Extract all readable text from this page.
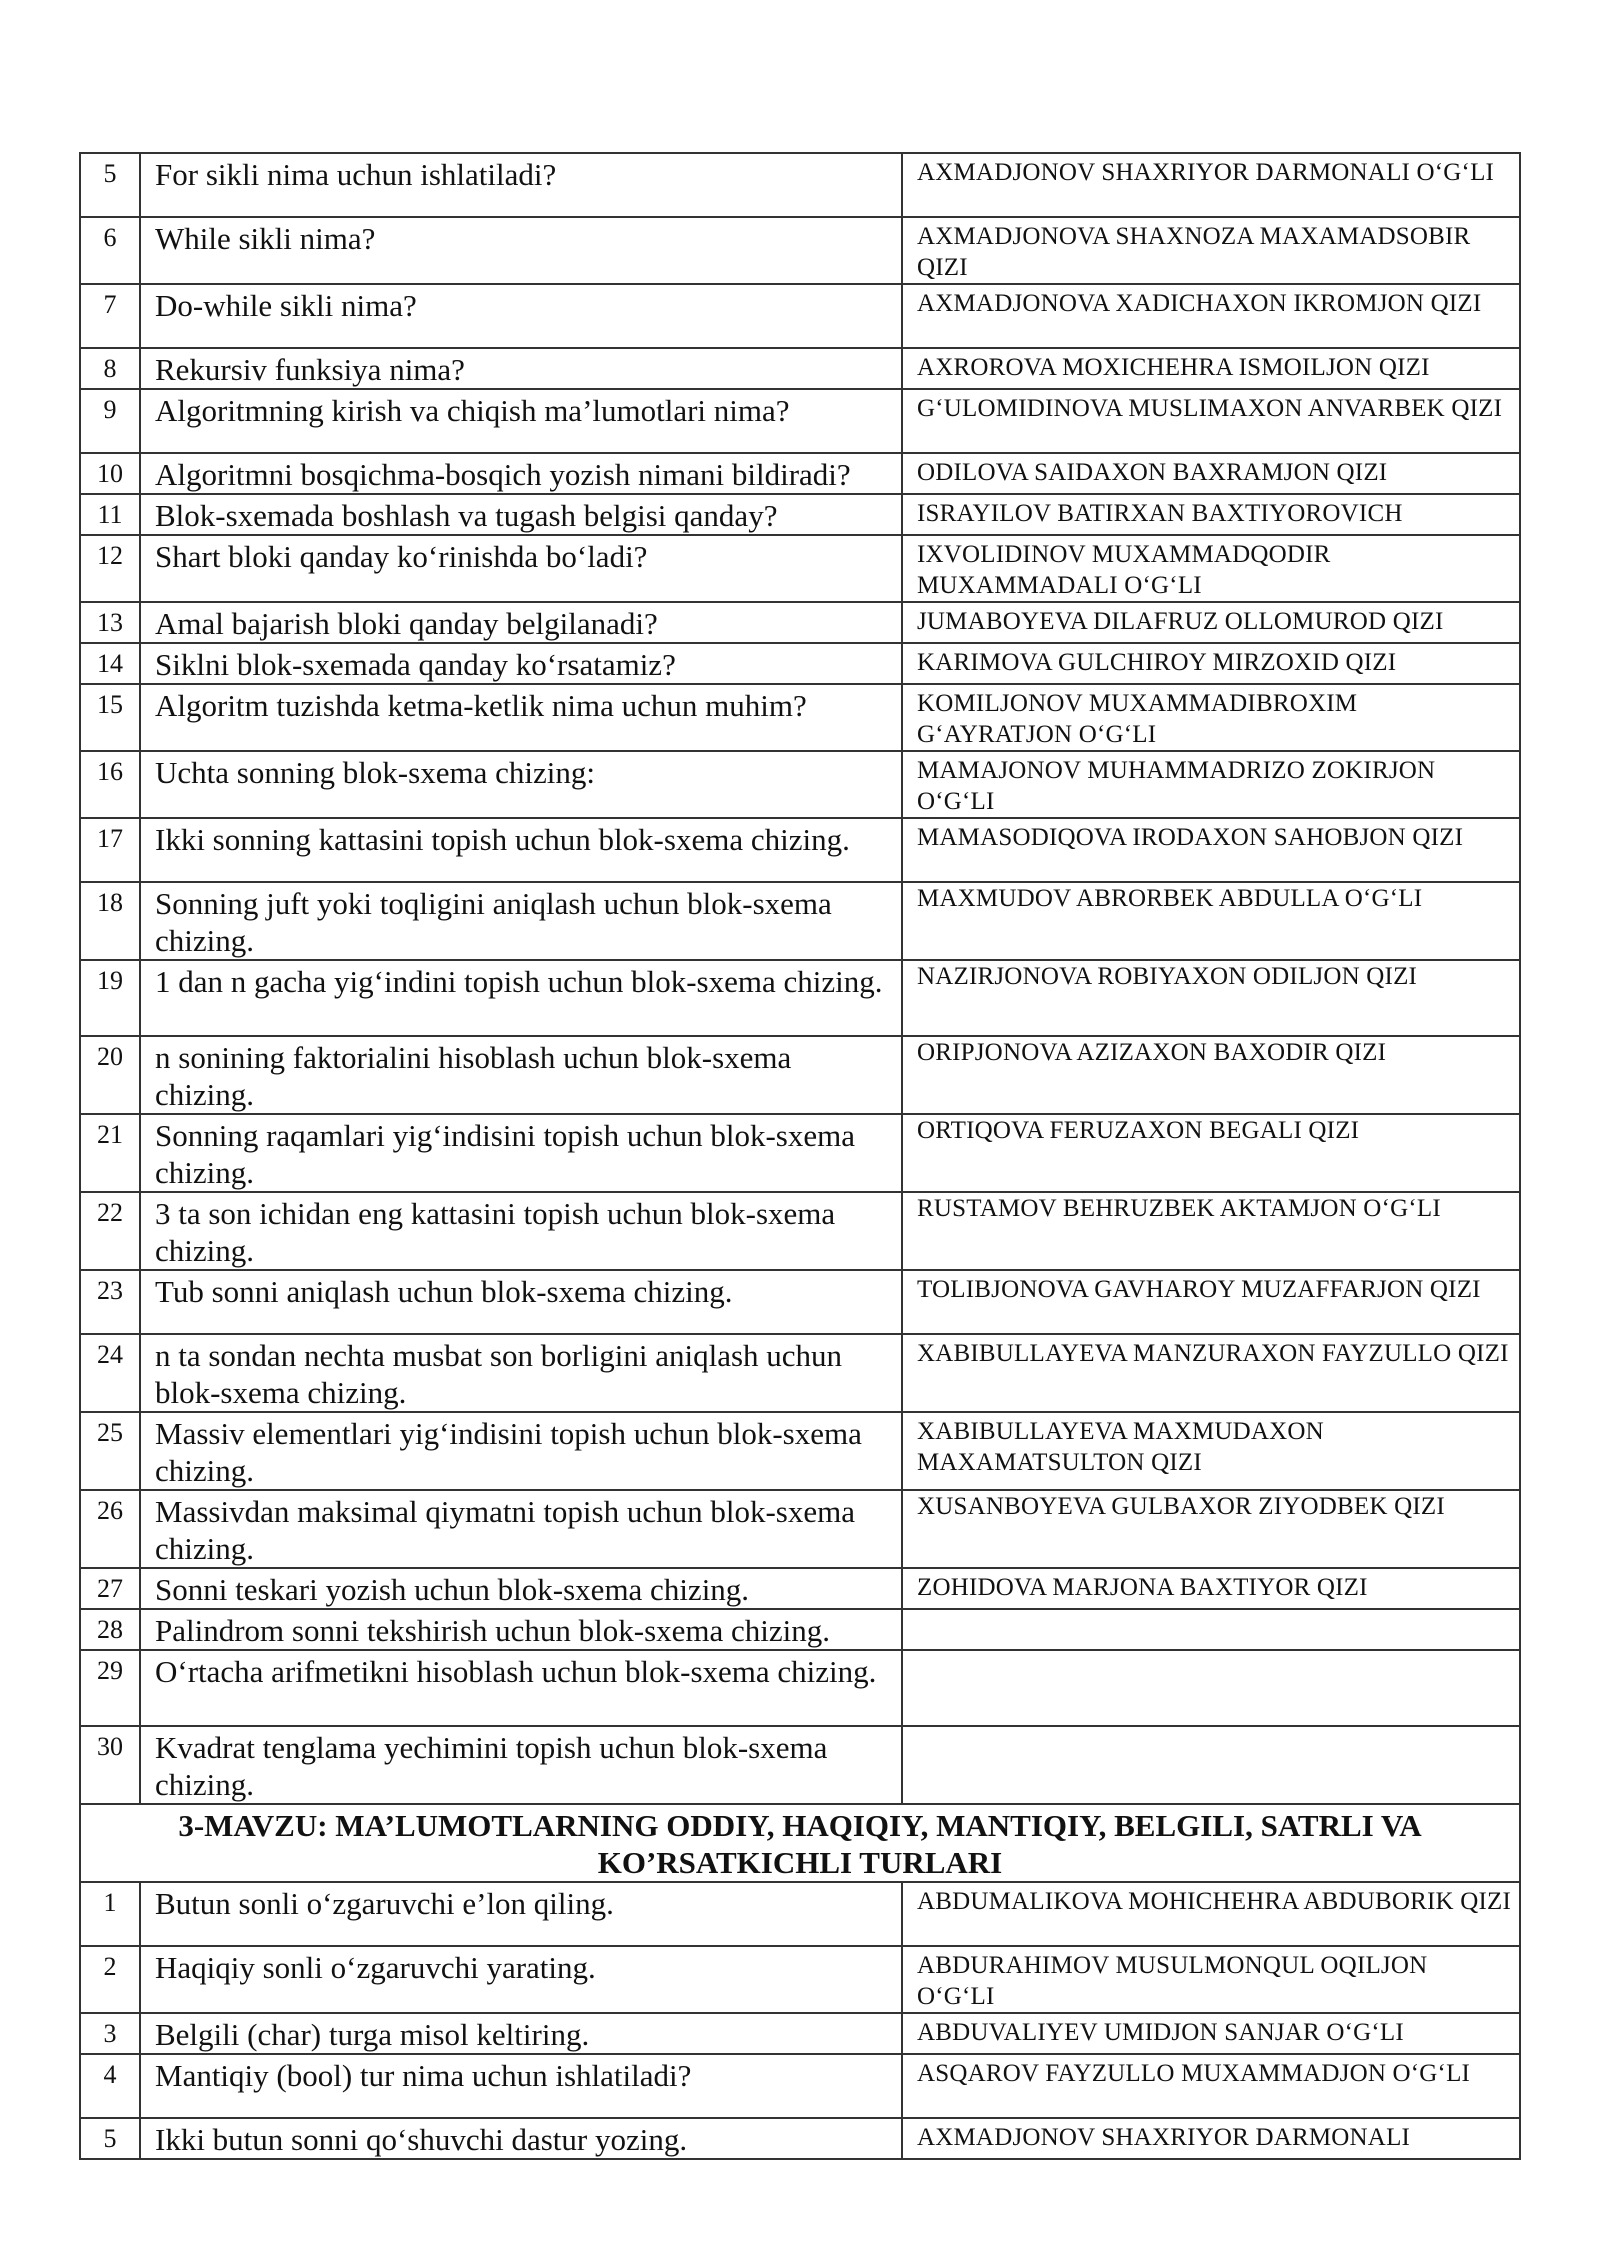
5	For sikli nima uchun ishlatiladi?	AXMADJONOV SHAXRIYOR DARMONALI O‘G‘LI
6	While sikli nima?	AXMADJONOVA SHAXNOZA MAXAMADSOBIR QIZI
7	Do-while sikli nima?	AXMADJONOVA XADICHAXON IKROMJON QIZI
8	Rekursiv funksiya nima?	AXROROVA MOXICHEHRA ISMOILJON QIZI
9	Algoritmning kirish va chiqish ma’lumotlari nima?	G‘ULOMIDINOVA MUSLIMAXON ANVARBEK QIZI
10	Algoritmni bosqichma-bosqich yozish nimani bildiradi?	ODILOVA SAIDAXON BAXRAMJON QIZI
11	Blok-sxemada boshlash va tugash belgisi qanday?	ISRAYILOV BATIRXAN BAXTIYOROVICH
12	Shart bloki qanday ko‘rinishda bo‘ladi?	IXVOLIDINOV MUXAMMADQODIR MUXAMMADALI O‘G‘LI
13	Amal bajarish bloki qanday belgilanadi?	JUMABOYEVA DILAFRUZ OLLOMUROD QIZI
14	Siklni blok-sxemada qanday ko‘rsatamiz?	KARIMOVA GULCHIROY MIRZOXID QIZI
15	Algoritm tuzishda ketma-ketlik nima uchun muhim?	KOMILJONOV MUXAMMADIBROXIM G‘AYRATJON O‘G‘LI
16	Uchta sonning blok-sxema chizing:	MAMAJONOV MUHAMMADRIZO ZOKIRJON O‘G‘LI
17	Ikki sonning kattasini topish uchun blok-sxema chizing.	MAMASODIQOVA IRODAXON SAHOBJON QIZI
18	Sonning juft yoki toqligini aniqlash uchun blok-sxema chizing.	MAXMUDOV ABRORBEK ABDULLA O‘G‘LI
19	1 dan n gacha yig‘indini topish uchun blok-sxema chizing.	NAZIRJONOVA ROBIYAXON ODILJON QIZI
20	n sonining faktorialini hisoblash uchun blok-sxema chizing.	ORIPJONOVA AZIZAXON BAXODIR QIZI
21	Sonning raqamlari yig‘indisini topish uchun blok-sxema chizing.	ORTIQOVA FERUZAXON BEGALI QIZI
22	3 ta son ichidan eng kattasini topish uchun blok-sxema chizing.	RUSTAMOV BEHRUZBEK AKTAMJON O‘G‘LI
23	Tub sonni aniqlash uchun blok-sxema chizing.	TOLIBJONOVA GAVHAROY MUZAFFARJON QIZI
24	n ta sondan nechta musbat son borligini aniqlash uchun blok-sxema chizing.	XABIBULLAYEVA MANZURAXON FAYZULLO QIZI
25	Massiv elementlari yig‘indisini topish uchun blok-sxema chizing.	XABIBULLAYEVA MAXMUDAXON MAXAMATSULTON QIZI
26	Massivdan maksimal qiymatni topish uchun blok-sxema chizing.	XUSANBOYEVA GULBAXOR ZIYODBEK QIZI
27	Sonni teskari yozish uchun blok-sxema chizing.	ZOHIDOVA MARJONA BAXTIYOR QIZI
28	Palindrom sonni tekshirish uchun blok-sxema chizing.	
29	O‘rtacha arifmetikni hisoblash uchun blok-sxema chizing.	
30	Kvadrat tenglama yechimini topish uchun blok-sxema chizing.	
3-MAVZU: MA’LUMOTLARNING ODDIY, HAQIQIY, MANTIQIY, BELGILI, SATRLI VA KO’RSATKICHLI TURLARI		
1	Butun sonli o‘zgaruvchi e’lon qiling.	ABDUMALIKOVA MOHICHEHRA ABDUBORIK QIZI
2	Haqiqiy sonli o‘zgaruvchi yarating.	ABDURAHIMOV MUSULMONQUL OQILJON O‘G‘LI
3	Belgili (char) turga misol keltiring.	ABDUVALIYEV UMIDJON SANJAR O‘G‘LI
4	Mantiqiy (bool) tur nima uchun ishlatiladi?	ASQAROV FAYZULLO MUXAMMADJON O‘G‘LI
5	Ikki butun sonni qo‘shuvchi dastur yozing.	AXMADJONOV SHAXRIYOR DARMONALI
